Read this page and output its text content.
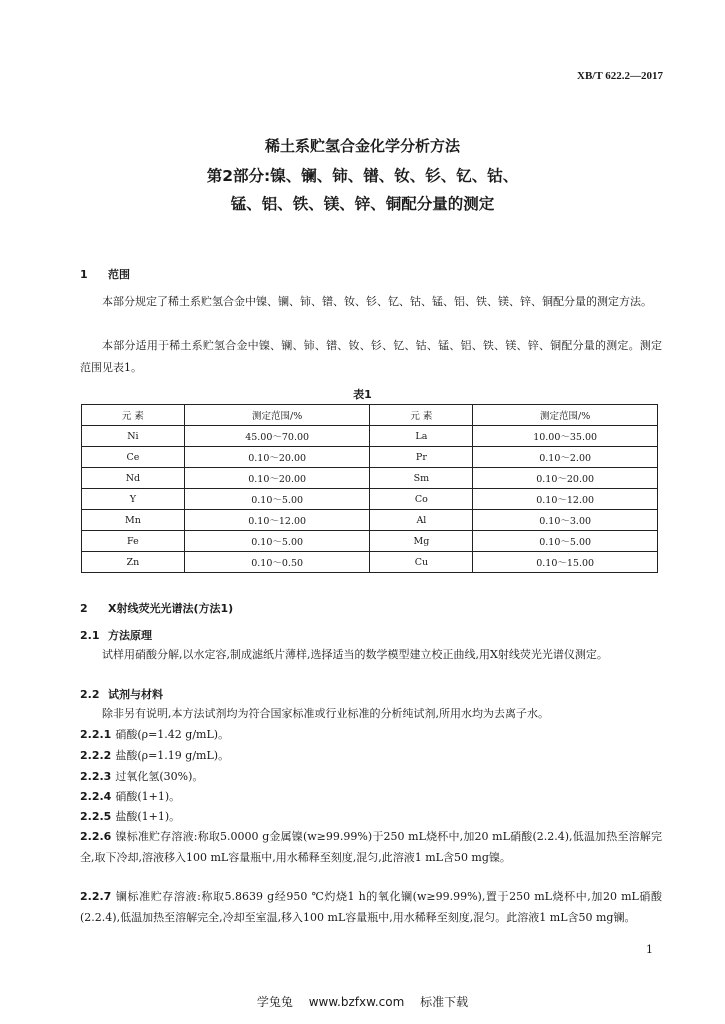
XB/T 622.2—2017
稀土系贮氢合金化学分析方法
第2部分:镍、镧、铈、镨、钕、钐、钇、钴、
锰、铝、铁、镁、锌、铜配分量的测定
1 范围
本部分规定了稀土系贮氢合金中镍、镧、铈、镨、钕、钐、钇、钴、锰、铝、铁、镁、锌、铜配分量的测定方法。
本部分适用于稀土系贮氢合金中镍、镧、铈、镨、钕、钐、钇、钴、锰、铝、铁、镁、锌、铜配分量的测定。测定范围见表1。
表1
元 素	测定范围/%	元 素	测定范围/%
Ni	45.00～70.00	La	10.00～35.00
Ce	0.10～20.00	Pr	0.10～2.00
Nd	0.10～20.00	Sm	0.10～20.00
Y	0.10～5.00	Co	0.10～12.00
Mn	0.10～12.00	Al	0.10～3.00
Fe	0.10～5.00	Mg	0.10～5.00
Zn	0.10～0.50	Cu	0.10～15.00
2 X射线荧光光谱法(方法1)
2.1 方法原理
试样用硝酸分解,以水定容,制成滤纸片薄样,选择适当的数学模型建立校正曲线,用X射线荧光光谱仪测定。
2.2 试剂与材料
除非另有说明,本方法试剂均为符合国家标准或行业标准的分析纯试剂,所用水均为去离子水。
2.2.1 硝酸(ρ=1.42 g/mL)。
2.2.2 盐酸(ρ=1.19 g/mL)。
2.2.3 过氧化氢(30%)。
2.2.4 硝酸(1+1)。
2.2.5 盐酸(1+1)。
2.2.6 镍标准贮存溶液:称取5.0000 g金属镍(w≥99.99%)于250 mL烧杯中,加20 mL硝酸(2.2.4),低温加热至溶解完全,取下冷却,溶液移入100 mL容量瓶中,用水稀释至刻度,混匀,此溶液1 mL含50 mg镍。
2.2.7 镧标准贮存溶液:称取5.8639 g经950 ℃灼烧1 h的氧化镧(w≥99.99%),置于250 mL烧杯中,加20 mL硝酸(2.2.4),低温加热至溶解完全,冷却至室温,移入100 mL容量瓶中,用水稀释至刻度,混匀。此溶液1 mL含50 mg镧。
1
学兔兔 www.bzfxw.com 标准下载
